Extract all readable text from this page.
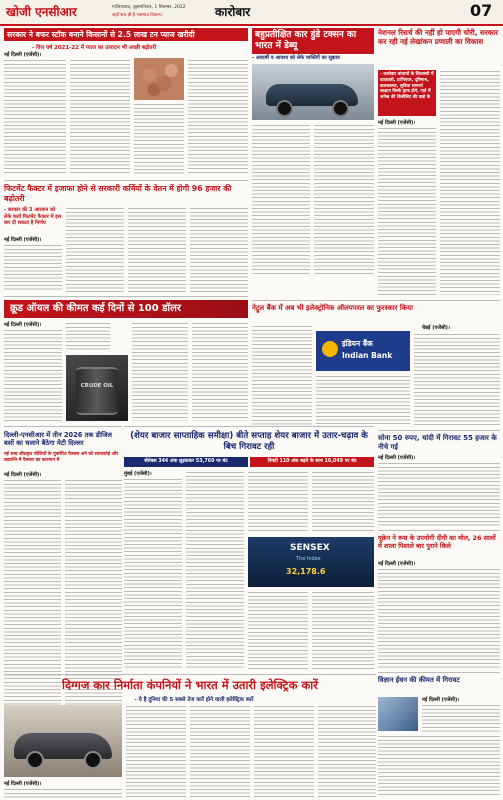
खोजी एनसीआर	गाजियाबाद, बृहस्पतिवार, 1 सितम्बर, 2022
जहाँ सच ही है एकमात्र विकल्प	कारोबार	07
सरकार ने बफर स्टॉक बनाने किसानों से 2.5 लाख टन प्याज खरीदी
- वित्त वर्ष 2021-22 में प्याज का उत्पादन भी अच्छी बढ़ोतरी
नई दिल्ली (एजेंसी)।
फिटमेंट फैक्टर में इजाफा होने से सरकारी कर्मियों के वेतन में होगी 96 हजार की बढ़ोतरी
- सरकार की 3 आरवान को लेके कार्य फिटमेंट फैक्टर में इस बार दी सकता है निर्णय
नई दिल्ली (एजेंसी)।
क्रूड ऑयल की कीमत कई दिनों से 100 डॉलर
नई दिल्ली (एजेंसी)।
CRUDE OIL
दिल्ली-एनसीआर में तीन 2026 तक डीजिल बसों का चलाने बैठेगा मेटी दिल्लर
नई शब्द शीघ्रकृत चीजियों के युक्तेरित फैसला अने को सत्याकोई और सक्रान्ति में फैसला का कारमान में
नई दिल्ली (एजेंसी)।
बहुप्रतीक्षित कार हुंडे टक्सन का भारत में डेब्यू
- आकर्षी व आवश्य को लेके व्यक्तिएँ का सुझाव
नेट्रूल बैंक में अब भी इलेक्ट्रोनिक ऑलपपरल का फुरस्कार किया
चेन्नई (एजेंसी)।
इंडियन बैंक
Indian Bank
नेशनल रिसर्च की नहीं हो पाएगी चोरी, सरकार कर रही नई लेखांकन प्रणाली का विकास
- कारोबार बांधार्थो के लिलास्थी में दातावली, प्राणिएयर, दृष्टिमान, डालकाल्या, सुविधा सामर्थ्य साक्षात विस्फे ड्राग्ड होने, गाते में अनेख की किसेलिए की वाक्षे के
नई दिल्ली (एजेंसी)।
सोना 50 रुपए, चांदी में गिरावट 55 हजार के नीचे गई
नई दिल्ली (एजेंसी)।
यूक्रेन ने रूस के उपयोगी दीगी का मोल, 26 सालों में शाला पिशाले बार पुराने किले
नई दिल्ली (एजेंसी)।
विज्ञान ईंधन की कीमत में गिरावट
नई दिल्ली (एजेंसी)।
(शेयर बाजार साप्ताहिक समीक्षा) बीते सप्ताह शेयर बाजार में उतार-चढ़ाव के बिच गिरावट रही
सेंसेक्स 344 अंक लुढ़ककर 53,760 पर बंद	निफ्टी 110 अंक बढ़ने के साथ 16,049 पर बंद
मुंबई (एजेंसी)।
SENSEX
The Index
32,178.6
दिग्गज कार निर्माता कंपनियों ने भारत में उतारी इलेक्ट्रिक कारें
- ये है दुनिया की 5 सबसे तेज कारें होने वाली इलेक्ट्रिक कारें
नई दिल्ली (एजेंसी)।
